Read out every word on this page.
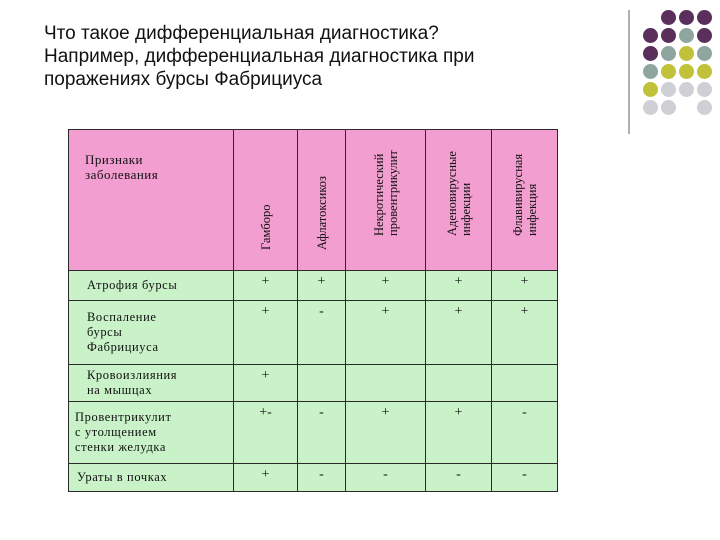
Что такое дифференциальная диагностика?
Например, дифференциальная диагностика при
поражениях бурсы Фабрициуса
Признаки
заболевания	Гамборо	Афлатоксикоз	Некротический провентрикулит	Аденовирусные инфекции	Флавивирусная инфекция

Атрофия бурсы	+	+	+	+	+

Воспаление
бурсы
Фабрициуса	+	-	+	+	+

Кровоизлияния
на мышцах	+				

Провентрикулит
с утолщением
стенки желудка	+-	-	+	+	-

Ураты в почках	+	-	-	-	-
